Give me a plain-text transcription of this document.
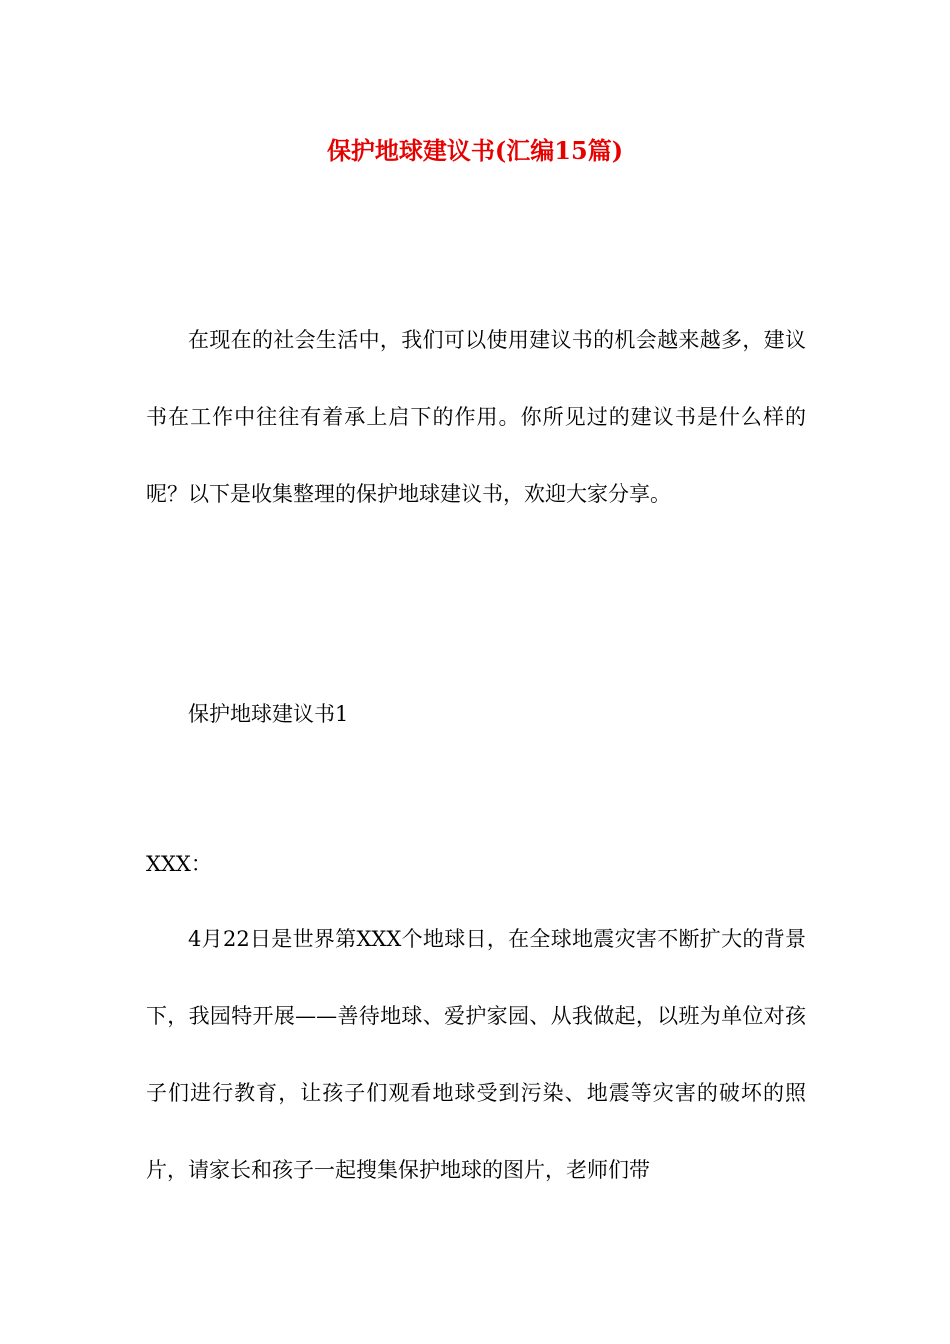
保护地球建议书(汇编15篇)

在现在的社会生活中，我们可以使用建议书的机会越来越多，建议书在工作中往往有着承上启下的作用。你所见过的建议书是什么样的呢？以下是收集整理的保护地球建议书，欢迎大家分享。

保护地球建议书1

XXX：

4月22日是世界第XXX个地球日，在全球地震灾害不断扩大的背景下，我园特开展——善待地球、爱护家园、从我做起，以班为单位对孩子们进行教育，让孩子们观看地球受到污染、地震等灾害的破坏的照片，请家长和孩子一起搜集保护地球的图片，老师们带
